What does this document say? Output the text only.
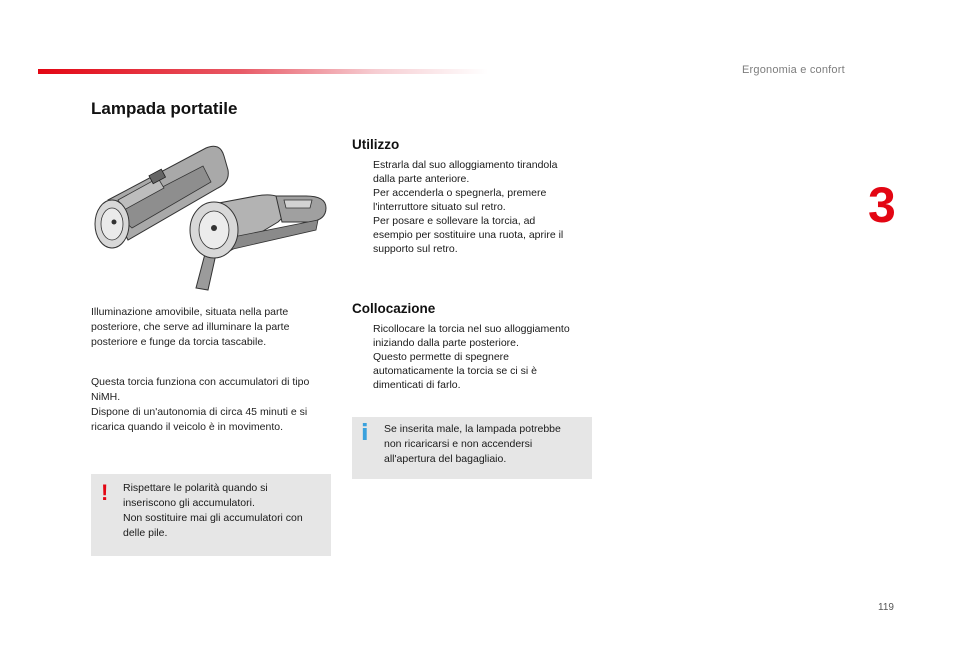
Ergonomia e confort
3
119
Lampada portatile

Illuminazione amovibile, situata nella parte
posteriore, che serve ad illuminare la parte
posteriore e funge da torcia tascabile.

Questa torcia funziona con accumulatori di tipo
NiMH.
Dispone di un'autonomia di circa 45 minuti e si
ricarica quando il veicolo è in movimento.

! Rispettare le polarità quando si
inseriscono gli accumulatori.
Non sostituire mai gli accumulatori con
delle pile.
Utilizzo
Estrarla dal suo alloggiamento tirandola
dalla parte anteriore.
Per accenderla o spegnerla, premere
l'interruttore situato sul retro.
Per posare e sollevare la torcia, ad
esempio per sostituire una ruota, aprire il
supporto sul retro.
Collocazione
Ricollocare la torcia nel suo alloggiamento
iniziando dalla parte posteriore.
Questo permette di spegnere
automaticamente la torcia se ci si è
dimenticati di farlo.
i Se inserita male, la lampada potrebbe
non ricaricarsi e non accendersi
all'apertura del bagagliaio.
